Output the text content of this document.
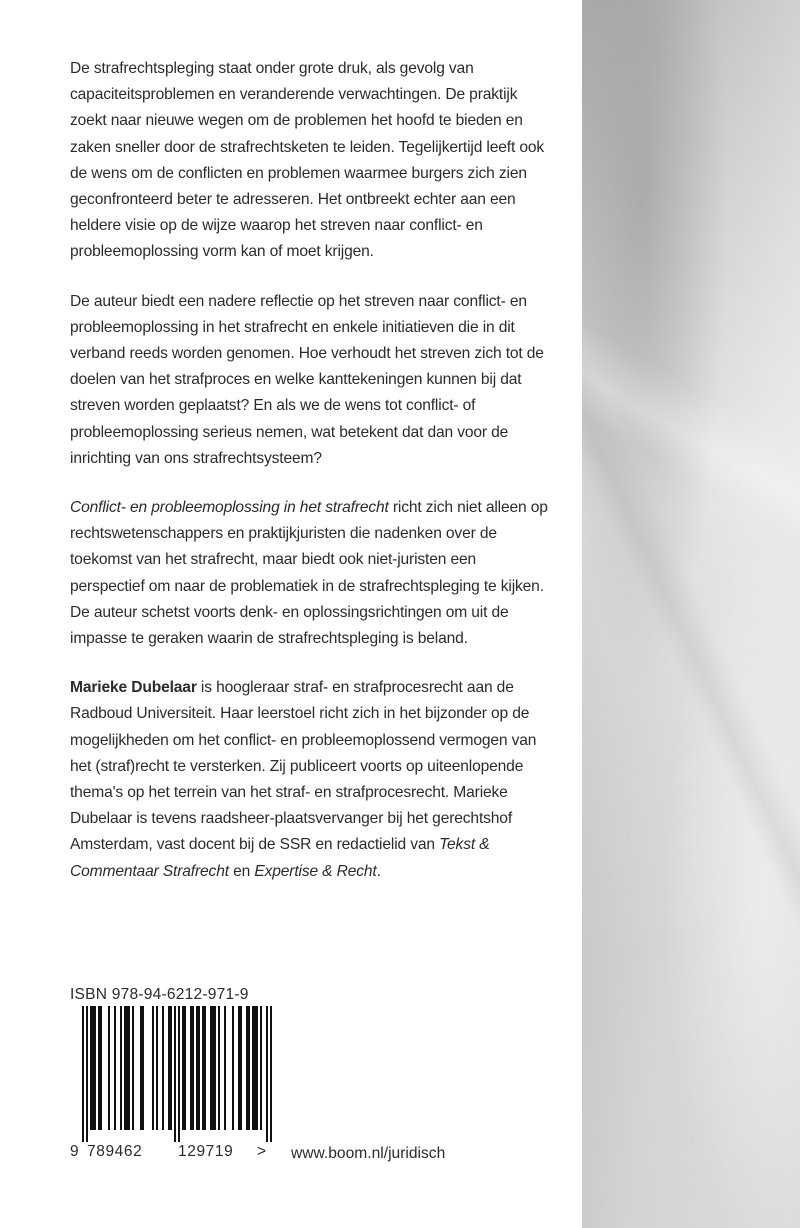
De strafrechtspleging staat onder grote druk, als gevolg van capaciteitsproblemen en veranderende verwachtingen. De praktijk zoekt naar nieuwe wegen om de problemen het hoofd te bieden en zaken sneller door de strafrechtsketen te leiden. Tegelijkertijd leeft ook de wens om de conflicten en problemen waarmee burgers zich zien geconfronteerd beter te adresseren. Het ontbreekt echter aan een heldere visie op de wijze waarop het streven naar conflict- en probleemoplossing vorm kan of moet krijgen.

De auteur biedt een nadere reflectie op het streven naar conflict- en probleemoplossing in het strafrecht en enkele initiatieven die in dit verband reeds worden genomen. Hoe verhoudt het streven zich tot de doelen van het strafproces en welke kanttekeningen kunnen bij dat streven worden geplaatst? En als we de wens tot conflict- of probleemoplossing serieus nemen, wat betekent dat dan voor de inrichting van ons strafrechtsysteem?

Conflict- en probleemoplossing in het strafrecht richt zich niet alleen op rechtswetenschappers en praktijkjuristen die nadenken over de toekomst van het strafrecht, maar biedt ook niet-juristen een perspectief om naar de problematiek in de strafrechtspleging te kijken. De auteur schetst voorts denk- en oplossingsrichtingen om uit de impasse te geraken waarin de strafrechtspleging is beland.

Marieke Dubelaar is hoogleraar straf- en strafprocesrecht aan de Radboud Universiteit. Haar leerstoel richt zich in het bijzonder op de mogelijkheden om het conflict- en probleemoplossend vermogen van het (straf)recht te versterken. Zij publiceert voorts op uiteenlopende thema's op het terrein van het straf- en strafprocesrecht. Marieke Dubelaar is tevens raadsheer-plaatsvervanger bij het gerechtshof Amsterdam, vast docent bij de SSR en redactielid van Tekst & Commentaar Strafrecht en Expertise & Recht.

ISBN 978-94-6212-971-9
9 789462 129719 > www.boom.nl/juridisch
